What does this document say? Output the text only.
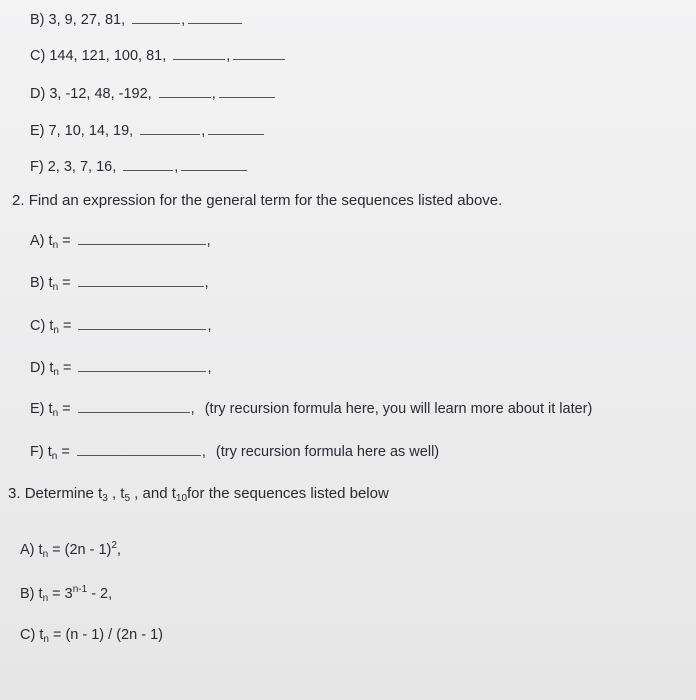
B) 3, 9, 27, 81,	,
C) 144, 121, 100, 81,	,
D) 3, -12, 48, -192,	,
E) 7, 10, 14, 19,	,
F) 2, 3, 7, 16,	,
2. Find an expression for the general term for the sequences listed above.
A) $t_n$ =	,
B) $t_n$ =	,
C) $t_n$ =	,
D) $t_n$ =	,
E) $t_n$ =	, (try recursion formula here, you will learn more about it later)
F) $t_n$ =	, (try recursion formula here as well)
3. Determine $t_3$ , $t_5$ , and $t_{10}for$ the sequences listed below
A) $t_n = (2n - 1)^2$,
B) $t_n = 3^{n-1} - 2$,
C) $t_n = (n - 1) / (2n - 1)$
